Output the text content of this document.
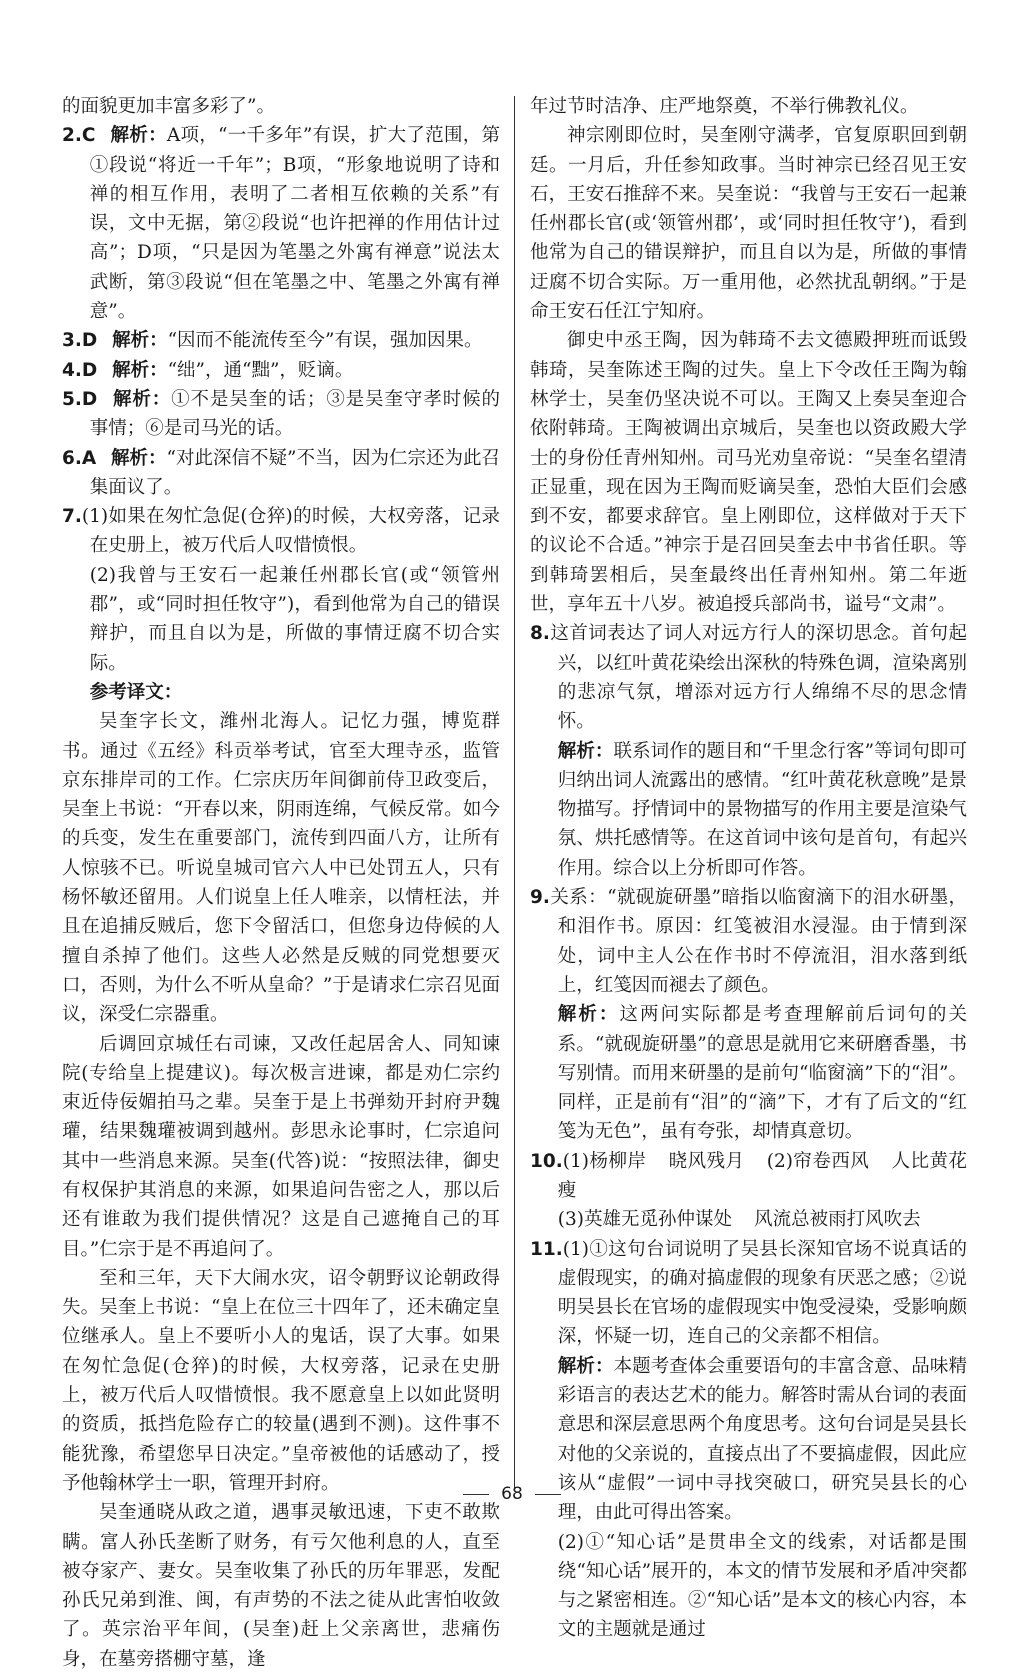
的面貌更加丰富多彩了”。

2.C 解析：A项，“一千多年”有误，扩大了范围，第①段说“将近一千年”；B项，“形象地说明了诗和禅的相互作用，表明了二者相互依赖的关系”有误，文中无据，第②段说“也许把禅的作用估计过高”；D项，“只是因为笔墨之外寓有禅意”说法太武断，第③段说“但在笔墨之中、笔墨之外寓有禅意”。

3.D 解析：“因而不能流传至今”有误，强加因果。

4.D 解析：“绌”，通“黜”，贬谪。

5.D 解析：①不是吴奎的话；③是吴奎守孝时候的事情；⑥是司马光的话。

6.A 解析：“对此深信不疑”不当，因为仁宗还为此召集面议了。

7.(1)如果在匆忙急促(仓猝)的时候，大权旁落，记录在史册上，被万代后人叹惜愤恨。

(2)我曾与王安石一起兼任州郡长官(或“领管州郡”，或“同时担任牧守”)，看到他常为自己的错误辩护，而且自以为是，所做的事情迂腐不切合实际。

参考译文：

吴奎字长文，潍州北海人。记忆力强，博览群书。通过《五经》科贡举考试，官至大理寺丞，监管京东排岸司的工作。仁宗庆历年间御前侍卫政变后，吴奎上书说：“开春以来，阴雨连绵，气候反常。如今的兵变，发生在重要部门，流传到四面八方，让所有人惊骇不已。听说皇城司官六人中已处罚五人，只有杨怀敏还留用。人们说皇上任人唯亲，以情枉法，并且在追捕反贼后，您下令留活口，但您身边侍候的人擅自杀掉了他们。这些人必然是反贼的同党想要灭口，否则，为什么不听从皇命？”于是请求仁宗召见面议，深受仁宗器重。

后调回京城任右司谏，又改任起居舍人、同知谏院(专给皇上提建议)。每次极言进谏，都是劝仁宗约束近侍佞媚拍马之辈。吴奎于是上书弹劾开封府尹魏瓘，结果魏瓘被调到越州。彭思永论事时，仁宗追问其中一些消息来源。吴奎(代答)说：“按照法律，御史有权保护其消息的来源，如果追问告密之人，那以后还有谁敢为我们提供情况？这是自己遮掩自己的耳目。”仁宗于是不再追问了。

至和三年，天下大闹水灾，诏令朝野议论朝政得失。吴奎上书说：“皇上在位三十四年了，还未确定皇位继承人。皇上不要听小人的鬼话，误了大事。如果在匆忙急促(仓猝)的时候，大权旁落，记录在史册上，被万代后人叹惜愤恨。我不愿意皇上以如此贤明的资质，抵挡危险存亡的较量(遇到不测)。这件事不能犹豫，希望您早日决定。”皇帝被他的话感动了，授予他翰林学士一职，管理开封府。

吴奎通晓从政之道，遇事灵敏迅速，下吏不敢欺瞒。富人孙氏垄断了财务，有亏欠他利息的人，直至被夺家产、妻女。吴奎收集了孙氏的历年罪恶，发配孙氏兄弟到淮、闽，有声势的不法之徒从此害怕收敛了。英宗治平年间，(吴奎)赶上父亲离世，悲痛伤身，在墓旁搭棚守墓，逢

年过节时洁净、庄严地祭奠，不举行佛教礼仪。

神宗刚即位时，吴奎刚守满孝，官复原职回到朝廷。一月后，升任参知政事。当时神宗已经召见王安石，王安石推辞不来。吴奎说：“我曾与王安石一起兼任州郡长官(或‘领管州郡’，或‘同时担任牧守’)，看到他常为自己的错误辩护，而且自以为是，所做的事情迂腐不切合实际。万一重用他，必然扰乱朝纲。”于是命王安石任江宁知府。

御史中丞王陶，因为韩琦不去文德殿押班而诋毁韩琦，吴奎陈述王陶的过失。皇上下令改任王陶为翰林学士，吴奎仍坚决说不可以。王陶又上奏吴奎迎合依附韩琦。王陶被调出京城后，吴奎也以资政殿大学士的身份任青州知州。司马光劝皇帝说：“吴奎名望清正显重，现在因为王陶而贬谪吴奎，恐怕大臣们会感到不安，都要求辞官。皇上刚即位，这样做对于天下的议论不合适。”神宗于是召回吴奎去中书省任职。等到韩琦罢相后，吴奎最终出任青州知州。第二年逝世，享年五十八岁。被追授兵部尚书，谥号“文肃”。

8.这首词表达了词人对远方行人的深切思念。首句起兴，以红叶黄花染绘出深秋的特殊色调，渲染离别的悲凉气氛，增添对远方行人绵绵不尽的思念情怀。

解析：联系词作的题目和“千里念行客”等词句即可归纳出词人流露出的感情。“红叶黄花秋意晚”是景物描写。抒情词中的景物描写的作用主要是渲染气氛、烘托感情等。在这首词中该句是首句，有起兴作用。综合以上分析即可作答。

9.关系：“就砚旋研墨”暗指以临窗滴下的泪水研墨，和泪作书。原因：红笺被泪水浸湿。由于情到深处，词中主人公在作书时不停流泪，泪水落到纸上，红笺因而褪去了颜色。

解析：这两问实际都是考查理解前后词句的关系。“就砚旋研墨”的意思是就用它来研磨香墨，书写别情。而用来研墨的是前句“临窗滴”下的“泪”。同样，正是前有“泪”的“滴”下，才有了后文的“红笺为无色”，虽有夸张，却情真意切。

10.(1)杨柳岸 晓风残月 (2)帘卷西风 人比黄花瘦

(3)英雄无觅孙仲谋处 风流总被雨打风吹去

11.(1)①这句台词说明了吴县长深知官场不说真话的虚假现实，的确对搞虚假的现象有厌恶之感；②说明吴县长在官场的虚假现实中饱受浸染，受影响颇深，怀疑一切，连自己的父亲都不相信。

解析：本题考查体会重要语句的丰富含意、品味精彩语言的表达艺术的能力。解答时需从台词的表面意思和深层意思两个角度思考。这句台词是吴县长对他的父亲说的，直接点出了不要搞虚假，因此应该从“虚假”一词中寻找突破口，研究吴县长的心理，由此可得出答案。

(2)①“知心话”是贯串全文的线索，对话都是围绕“知心话”展开的，本文的情节发展和矛盾冲突都与之紧密相连。②“知心话”是本文的核心内容，本文的主题就是通过

68
